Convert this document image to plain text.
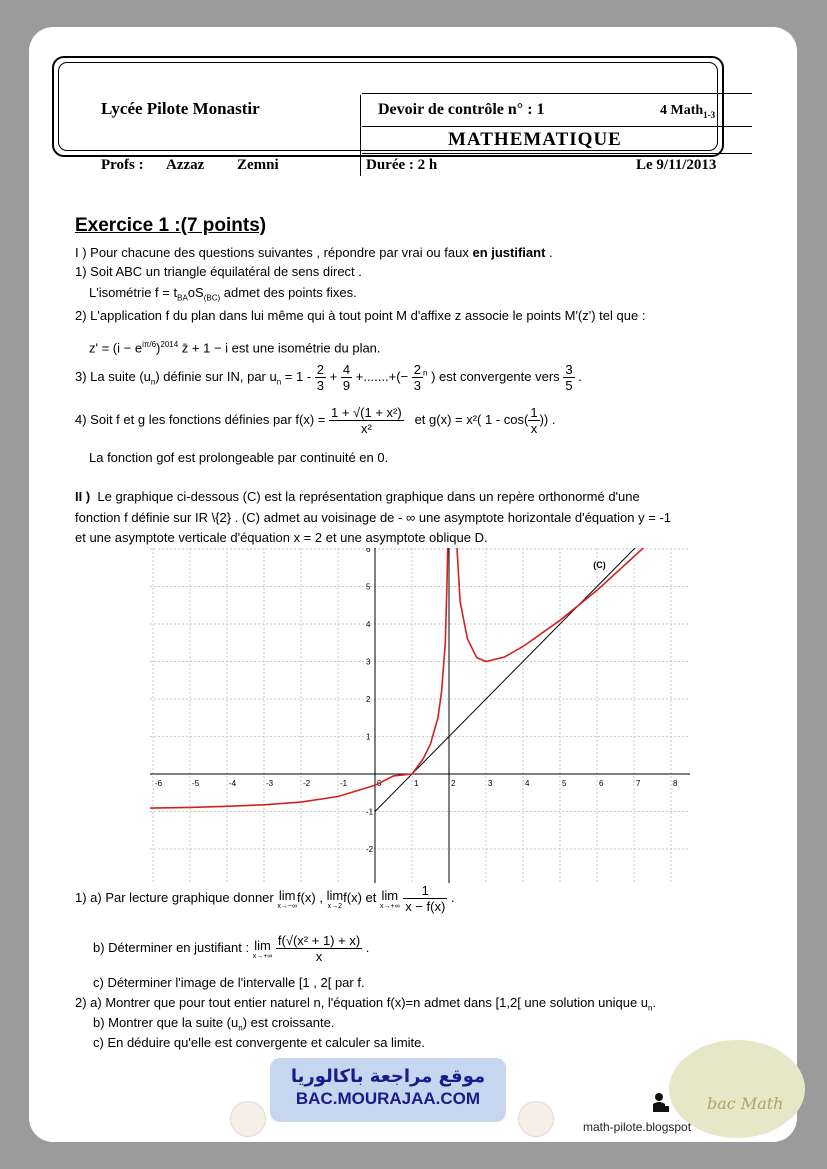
Lycée Pilote Monastir
Profs : Azzaz Zemni
Devoir de contrôle n° : 1	4 Math$_{1-3}$
MATHEMATIQUE
Durée : 2 h	Le 9/11/2013
Exercice 1 :(7 points)
I ) Pour chacune des questions suivantes , répondre par vrai ou faux en justifiant .
1) Soit ABC un triangle équilatéral de sens direct .
L'isométrie $f = t_{BA}oS_{(BC)}$ admet des points fixes.
2) L'application f du plan dans lui même qui à tout point M d'affixe z associe le points M'(z') tel que :
$z' = (i - e^{i\pi/6})^{2014}$ z̄ + 1 − i est une isométrie du plan.
3) La suite $(u_n)$ définie sur IN, par $u_n = 1 - \frac{2}{3} + \frac{4}{9}$ +.......+(− $\frac{2}{3} ^n$ ) est convergente vers $\frac{3}{5}$ .
4) Soit f et g les fonctions définies par $f(x) = \frac{\text{1 + √(1 + x²)}}{\text{x²}}$ et g(x) = x²( $1 - \cos( \frac{1}{x}$ )) .
La fonction gof est prolongeable par continuité en 0.
II ) Le graphique ci-dessous (C) est la représentation graphique dans un repère orthonormé d'une
fonction f définie sur IR \{2} . (C) admet au voisinage de - ∞ une asymptote horizontale d'équation y = -1
et une asymptote verticale d'équation x = 2 et une asymptote oblique D.
-6	-5	-4	-3	-2	-1	0	1	2	3	4	5	6	7	8
6
5
4
3
2
1
-1
-2
(C)
1) a) Par lecture graphique donner lim
x→−∞
f(x) , lim
x→2
f(x) et lim
x→+∞
$\frac{1}{x - f(x)}$ .
b) Déterminer en justifiant : lim
x→+∞
$\frac{\text{f(√(x² + 1) + x)}}{x}$ .
c) Déterminer l'image de l'intervalle [1 , 2[ par f.
2) a) Montrer que pour tout entier naturel n, l'équation f(x)=n admet dans [1,2[ une solution unique $u_n$.
b) Montrer que la suite $(u_n)$ est croissante.
c) En déduire qu'elle est convergente et calculer sa limite.
موقع مراجعة باكالوريا
BAC.MOURAJAA.COM
math-pilote.blogspot
bac Math
